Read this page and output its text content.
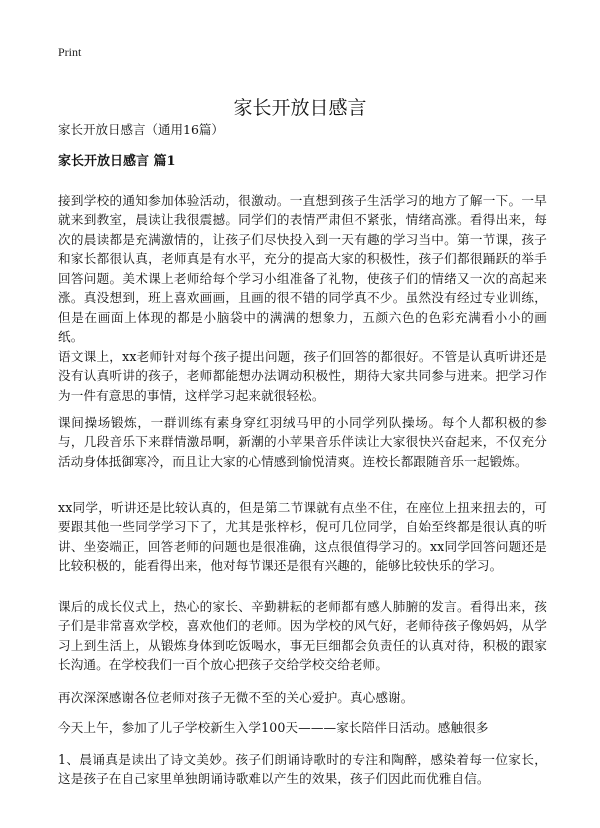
Print
家长开放日感言
家长开放日感言（通用16篇）
家长开放日感言 篇1

接到学校的通知参加体验活动，很激动。一直想到孩子生活学习的地方了解一下。一早就来到教室，晨读让我很震撼。同学们的表情严肃但不紧张，情绪高涨。看得出来，每次的晨读都是充满激情的，让孩子们尽快投入到一天有趣的学习当中。第一节课，孩子和家长都很认真，老师真是有水平，充分的提高大家的积极性，孩子们都很踊跃的举手回答问题。美术课上老师给每个学习小组准备了礼物，使孩子们的情绪又一次的高起来涨。真没想到，班上喜欢画画，且画的很不错的同学真不少。虽然没有经过专业训练，但是在画面上体现的都是小脑袋中的满满的想象力，五颜六色的色彩充满看小小的画纸。

语文课上，xx老师针对每个孩子提出问题，孩子们回答的都很好。不管是认真听讲还是没有认真听讲的孩子，老师都能想办法调动积极性，期待大家共同参与进来。把学习作为一件有意思的事情，这样学习起来就很轻松。

课间操场锻炼，一群训练有素身穿红羽绒马甲的小同学列队操场。每个人都积极的参与，几段音乐下来群情激昂啊，新潮的小苹果音乐伴读让大家很快兴奋起来，不仅充分活动身体抵御寒冷，而且让大家的心情感到愉悦清爽。连校长都跟随音乐一起锻炼。

xx同学，听讲还是比较认真的，但是第二节课就有点坐不住，在座位上扭来扭去的，可要跟其他一些同学学习下了，尤其是张梓杉，倪可几位同学，自始至终都是很认真的听讲、坐姿端正，回答老师的问题也是很准确，这点很值得学习的。xx同学回答问题还是比较积极的，能看得出来，他对每节课还是很有兴趣的，能够比较快乐的学习。

课后的成长仪式上，热心的家长、辛勤耕耘的老师都有感人肺腑的发言。看得出来，孩子们是非常喜欢学校，喜欢他们的老师。因为学校的风气好，老师待孩子像妈妈，从学习上到生活上，从锻炼身体到吃饭喝水，事无巨细都会负责任的认真对待，积极的跟家长沟通。在学校我们一百个放心把孩子交给学校交给老师。

再次深深感谢各位老师对孩子无微不至的关心爱护。真心感谢。

今天上午，参加了儿子学校新生入学100天———家长陪伴日活动。感触很多

1、晨诵真是读出了诗文美妙。孩子们朗诵诗歌时的专注和陶醉，感染着每一位家长，这是孩子在自己家里单独朗诵诗歌难以产生的效果，孩子们因此而优雅自信。
